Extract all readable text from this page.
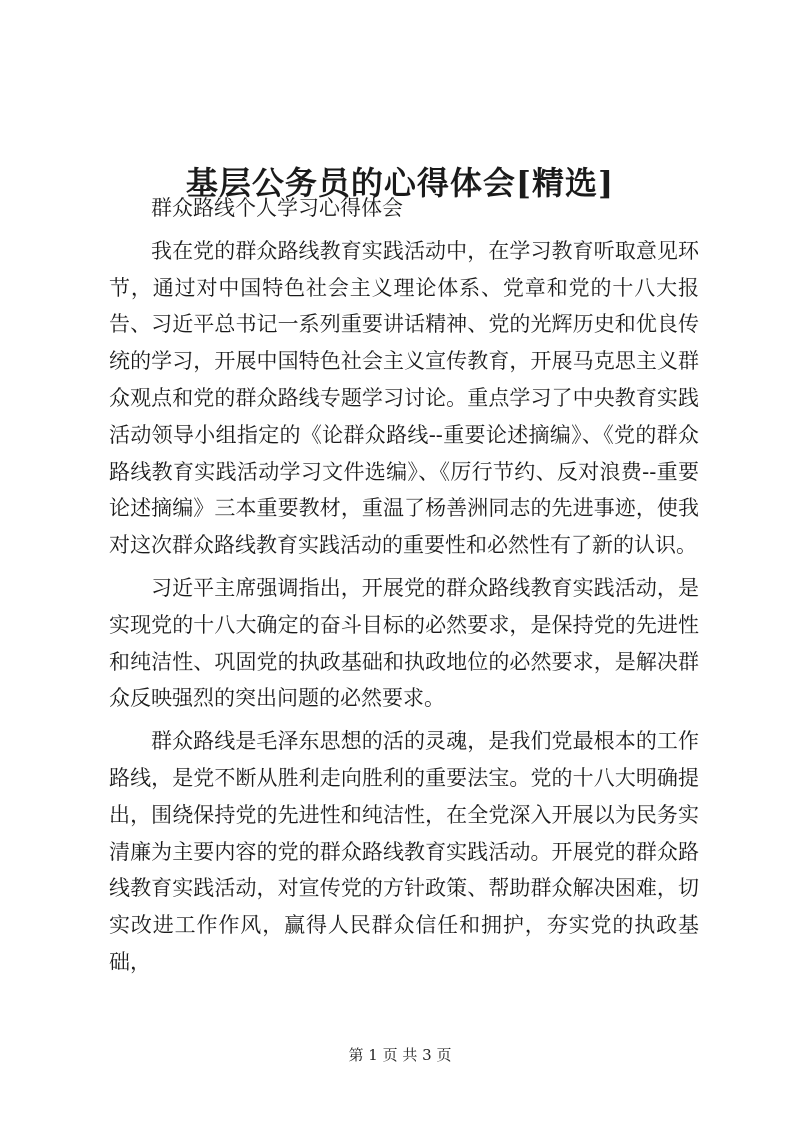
基层公务员的心得体会[精选]

群众路线个人学习心得体会

我在党的群众路线教育实践活动中，在学习教育听取意见环节，通过对中国特色社会主义理论体系、党章和党的十八大报告、习近平总书记一系列重要讲话精神、党的光辉历史和优良传统的学习，开展中国特色社会主义宣传教育，开展马克思主义群众观点和党的群众路线专题学习讨论。重点学习了中央教育实践活动领导小组指定的《论群众路线--重要论述摘编》、《党的群众路线教育实践活动学习文件选编》、《厉行节约、反对浪费--重要论述摘编》三本重要教材，重温了杨善洲同志的先进事迹，使我对这次群众路线教育实践活动的重要性和必然性有了新的认识。

习近平主席强调指出，开展党的群众路线教育实践活动，是实现党的十八大确定的奋斗目标的必然要求，是保持党的先进性和纯洁性、巩固党的执政基础和执政地位的必然要求，是解决群众反映强烈的突出问题的必然要求。

群众路线是毛泽东思想的活的灵魂，是我们党最根本的工作路线，是党不断从胜利走向胜利的重要法宝。党的十八大明确提出，围绕保持党的先进性和纯洁性，在全党深入开展以为民务实清廉为主要内容的党的群众路线教育实践活动。开展党的群众路线教育实践活动，对宣传党的方针政策、帮助群众解决困难，切实改进工作作风，赢得人民群众信任和拥护，夯实党的执政基础，

第 1 页 共 3 页
